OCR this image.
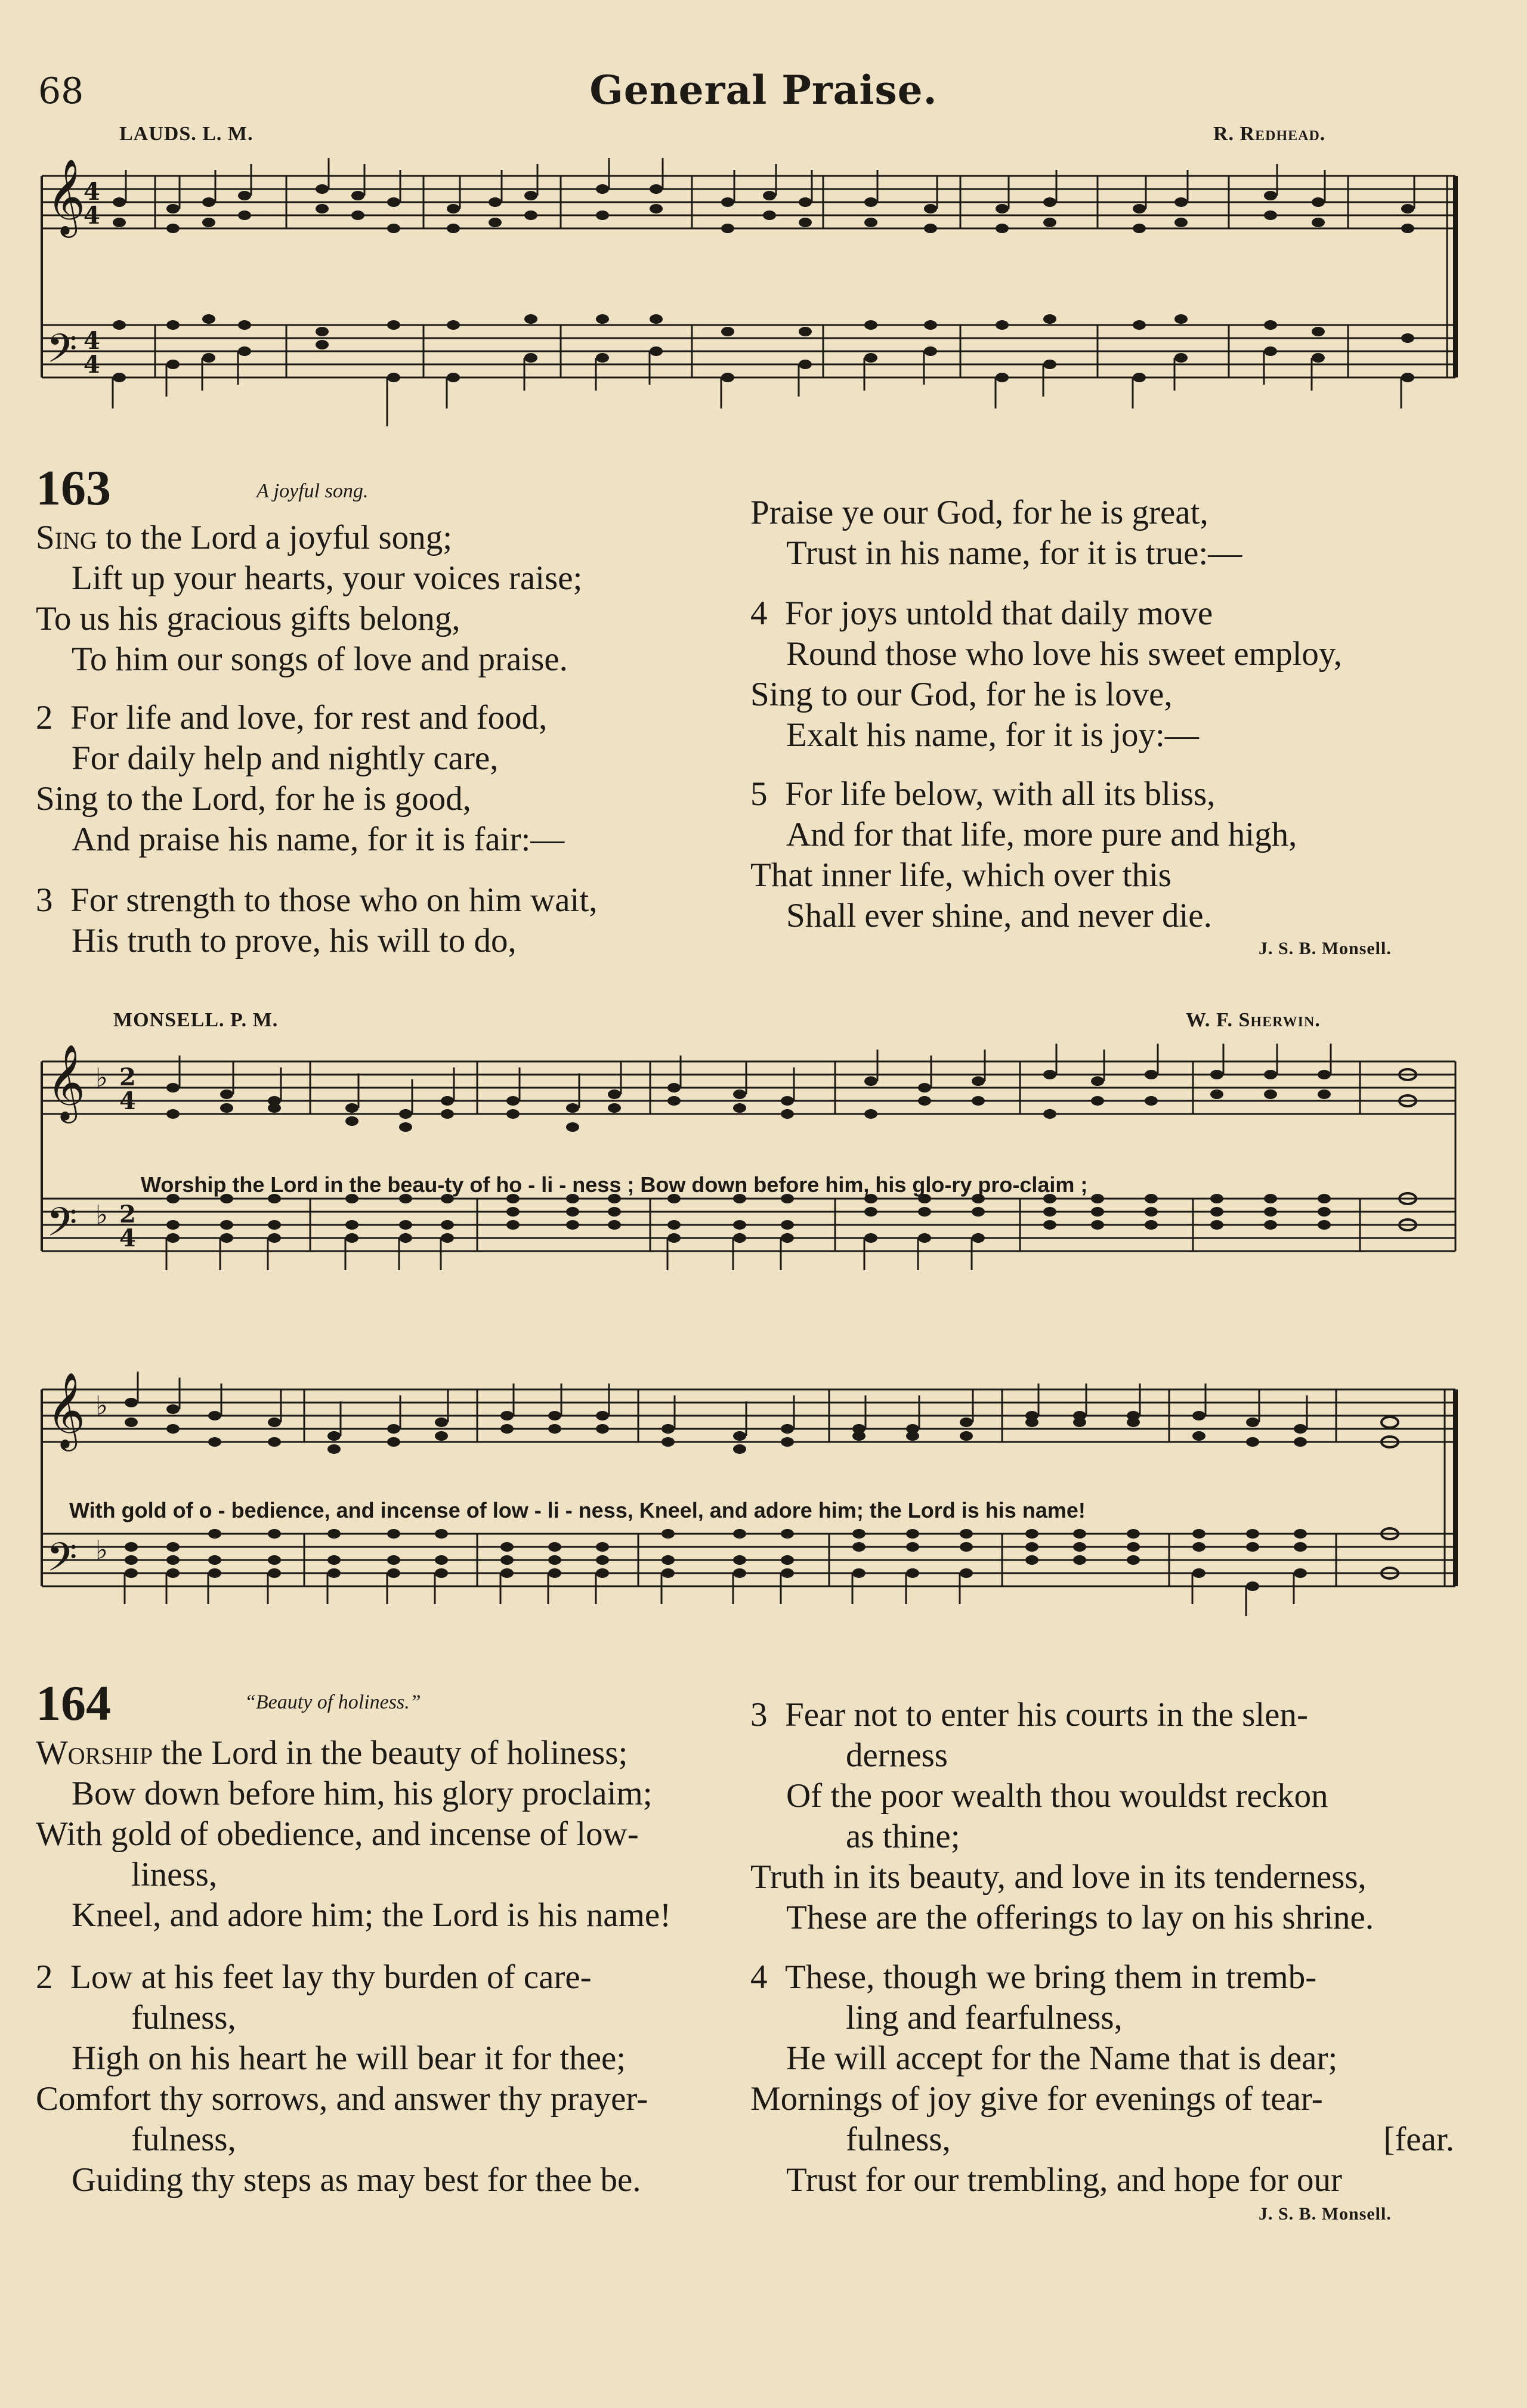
68	General Praise.
LAUDS. L. M.	R. Redhead.
𝄞
𝄢
4
4
4
4
163	A joyful song.
Sing to the Lord a joyful song;
Lift up your hearts, your voices raise;
To us his gracious gifts belong,
To him our songs of love and praise.
2 For life and love, for rest and food,
For daily help and nightly care,
Sing to the Lord, for he is good,
And praise his name, for it is fair:—
3 For strength to those who on him wait,
His truth to prove, his will to do,
Praise ye our God, for he is great,
Trust in his name, for it is true:—
4 For joys untold that daily move
Round those who love his sweet employ,
Sing to our God, for he is love,
Exalt his name, for it is joy:—
5 For life below, with all its bliss,
And for that life, more pure and high,
That inner life, which over this
Shall ever shine, and never die.
J. S. B. Monsell.
MONSELL. P. M.	W. F. Sherwin.
𝄞
𝄢
♭
♭
2
4
2
4
Worship the Lord in the beau-ty of ho - li - ness ; Bow down before him, his glo-ry pro-claim ;
𝄞
𝄢
♭
♭
With gold of o - bedience, and incense of low - li - ness, Kneel, and adore him; the Lord is his name!
164	“Beauty of holiness.”
Worship the Lord in the beauty of holiness;
Bow down before him, his glory proclaim;
With gold of obedience, and incense of low-
liness,
Kneel, and adore him; the Lord is his name!
2 Low at his feet lay thy burden of care-
fulness,
High on his heart he will bear it for thee;
Comfort thy sorrows, and answer thy prayer-
fulness,
Guiding thy steps as may best for thee be.
3 Fear not to enter his courts in the slen-
derness
Of the poor wealth thou wouldst reckon
as thine;
Truth in its beauty, and love in its tenderness,
These are the offerings to lay on his shrine.
4 These, though we bring them in tremb-
ling and fearfulness,
He will accept for the Name that is dear;
Mornings of joy give for evenings of tear-
fulness,	[fear.
Trust for our trembling, and hope for our
J. S. B. Monsell.
